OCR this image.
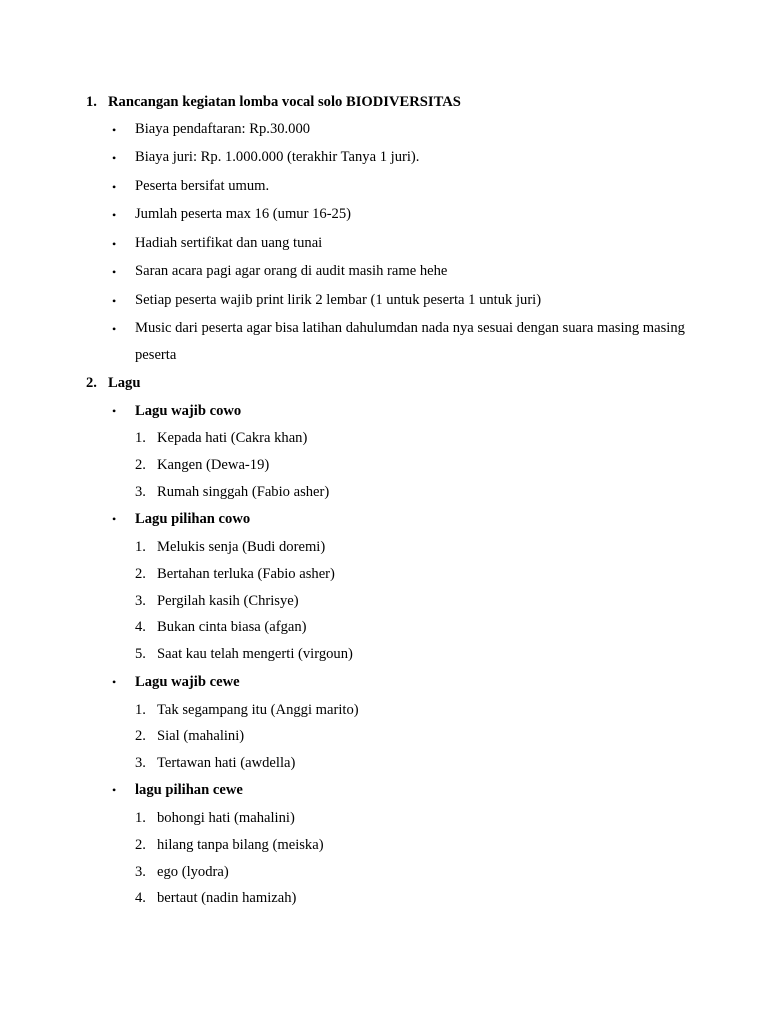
1. Rancangan kegiatan lomba vocal solo BIODIVERSITAS
• Biaya pendaftaran: Rp.30.000
• Biaya juri: Rp. 1.000.000 (terakhir Tanya 1 juri).
• Peserta bersifat umum.
• Jumlah peserta max 16 (umur 16-25)
• Hadiah sertifikat dan uang tunai
• Saran acara pagi agar orang di audit masih rame hehe
• Setiap peserta wajib print lirik 2 lembar (1 untuk peserta 1 untuk juri)
• Music dari peserta agar bisa latihan dahulumdan nada nya sesuai dengan suara masing masing peserta
2. Lagu
• Lagu wajib cowo
1. Kepada hati (Cakra khan)
2. Kangen (Dewa-19)
3. Rumah singgah (Fabio asher)
• Lagu pilihan cowo
1. Melukis senja (Budi doremi)
2. Bertahan terluka (Fabio asher)
3. Pergilah kasih (Chrisye)
4. Bukan cinta biasa (afgan)
5. Saat kau telah mengerti (virgoun)
• Lagu wajib cewe
1. Tak segampang itu (Anggi marito)
2. Sial (mahalini)
3. Tertawan hati (awdella)
• lagu pilihan cewe
1. bohongi hati (mahalini)
2. hilang tanpa bilang (meiska)
3. ego (lyodra)
4. bertaut (nadin hamizah)
